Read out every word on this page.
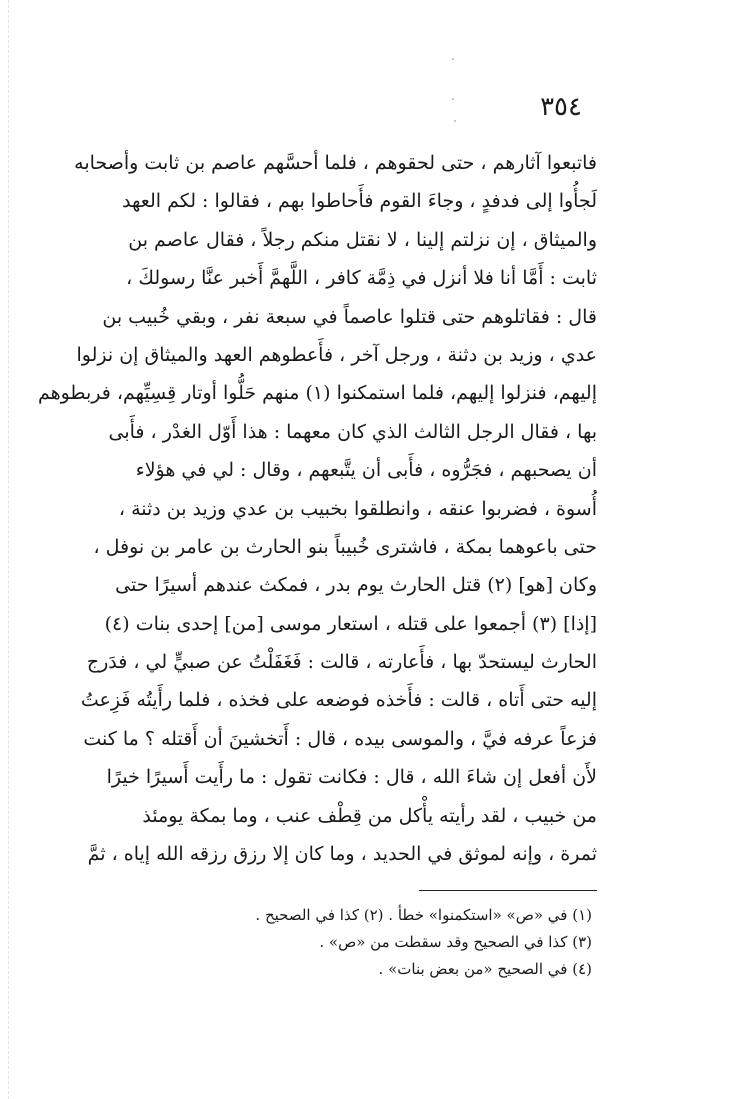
٣٥٤
فاتبعوا آثارهم ، حتى لحقوهم ، فلما أحسَّهم عاصم بن ثابت وأصحابه
لَجأُوا إلى فدفدٍ ، وجاءَ القوم فأَحاطوا بهم ، فقالوا : لكم العهد
والميثاق ، إن نزلتم إلينا ، لا نقتل منكم رجلاً ، فقال عاصم بن
ثابت : أَمَّا أنا فلا أنزل في ذِمَّة كافر ، اللَّهمَّ أَخبر عنَّا رسولكَ ،
قال : فقاتلوهم حتى قتلوا عاصماً في سبعة نفر ، وبقي خُبيب بن
عدي ، وزيد بن دثنة ، ورجل آخر ، فأَعطوهم العهد والميثاق إن نزلوا
إليهم، فنزلوا إليهم، فلما استمكنوا (١) منهم حَلُّوا أوتار قِسِيِّهم، فربطوهم
بها ، فقال الرجل الثالث الذي كان معهما : هذا أَوّل الغدْر ، فأَبى
أن يصحبهم ، فجَرُّوه ، فأَبى أن يتَّبعهم ، وقال : لي في هؤلاء
أُسوة ، فضربوا عنقه ، وانطلقوا بخبيب بن عدي وزيد بن دثنة ،
حتى باعوهما بمكة ، فاشترى خُبيباً بنو الحارث بن عامر بن نوفل ،
وكان [هو] (٢) قتل الحارث يوم بدر ، فمكث عندهم أسيرًا حتى
[إذا] (٣) أجمعوا على قتله ، استعار موسى [من] إحدى بنات (٤)
الحارث ليستحدّ بها ، فأَعارته ، قالت : فَغَفَلْتُ عن صبيٍّ لي ، فدَرج
إليه حتى أَتاه ، قالت : فأَخذه فوضعه على فخذه ، فلما رأَيتُه فَزِعتُ
فزعاً عرفه فيَّ ، والموسى بيده ، قال : أَتخشينَ أن أَقتله ؟ ما كنت
لأَن أفعل إن شاءَ الله ، قال : فكانت تقول : ما رأَيت أَسيرًا خيرًا
من خبيب ، لقد رأيته يأْكل من قِطْف عنب ، وما بمكة يومئذ
ثمرة ، وإنه لموثق في الحديد ، وما كان إلا رزق رزقه الله إياه ، ثمَّ
(١) في «ص» «استكمنوا» خطأ . (٢) كذا في الصحيح .
(٣) كذا في الصحيح وقد سقطت من «ص» .
(٤) في الصحيح «من بعض بنات» .
